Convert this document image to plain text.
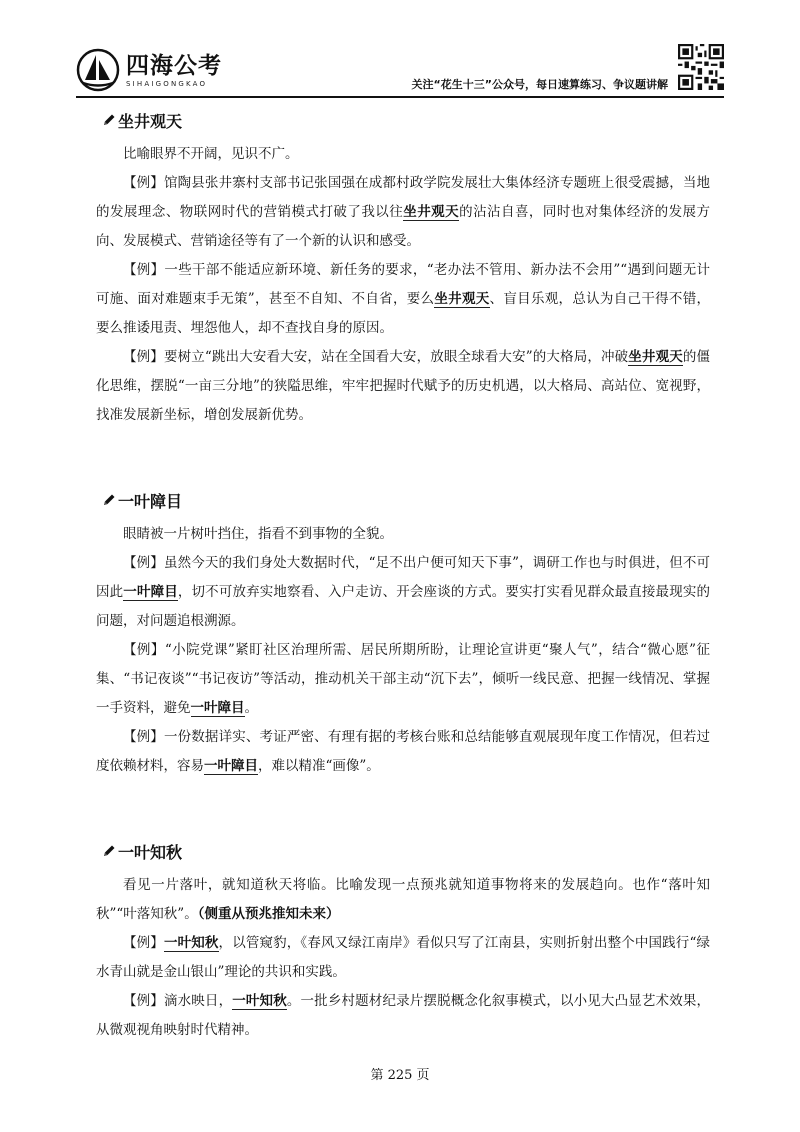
四海公考
SIHAIGONGKAO	关注“花生十三”公众号，每日速算练习、争议题讲解
坐井观天

比喻眼界不开阔，见识不广。

【例】馆陶县张井寨村支部书记张国强在成都村政学院发展壮大集体经济专题班上很受震撼，当地的发展理念、物联网时代的营销模式打破了我以往坐井观天的沾沾自喜，同时也对集体经济的发展方向、发展模式、营销途径等有了一个新的认识和感受。

【例】一些干部不能适应新环境、新任务的要求，“老办法不管用、新办法不会用”“遇到问题无计可施、面对难题束手无策”，甚至不自知、不自省，要么坐井观天、盲目乐观，总认为自己干得不错，要么推诿甩责、埋怨他人，却不查找自身的原因。

【例】要树立“跳出大安看大安，站在全国看大安，放眼全球看大安”的大格局，冲破坐井观天的僵化思维，摆脱“一亩三分地”的狭隘思维，牢牢把握时代赋予的历史机遇，以大格局、高站位、宽视野，找准发展新坐标，增创发展新优势。

一叶障目

眼睛被一片树叶挡住，指看不到事物的全貌。

【例】虽然今天的我们身处大数据时代，“足不出户便可知天下事”，调研工作也与时俱进，但不可因此一叶障目，切不可放弃实地察看、入户走访、开会座谈的方式。要实打实看见群众最直接最现实的问题，对问题追根溯源。

【例】“小院党课”紧盯社区治理所需、居民所期所盼，让理论宣讲更“聚人气”，结合“微心愿”征集、“书记夜谈”“书记夜访”等活动，推动机关干部主动“沉下去”，倾听一线民意、把握一线情况、掌握一手资料，避免一叶障目。

【例】一份数据详实、考证严密、有理有据的考核台账和总结能够直观展现年度工作情况，但若过度依赖材料，容易一叶障目，难以精准“画像”。

一叶知秋

看见一片落叶，就知道秋天将临。比喻发现一点预兆就知道事物将来的发展趋向。也作“落叶知秋”“叶落知秋”。（侧重从预兆推知未来）

【例】一叶知秋，以管窥豹，《春风又绿江南岸》看似只写了江南县，实则折射出整个中国践行“绿水青山就是金山银山”理论的共识和实践。

【例】滴水映日，一叶知秋。一批乡村题材纪录片摆脱概念化叙事模式，以小见大凸显艺术效果，从微观视角映射时代精神。

第 225 页
